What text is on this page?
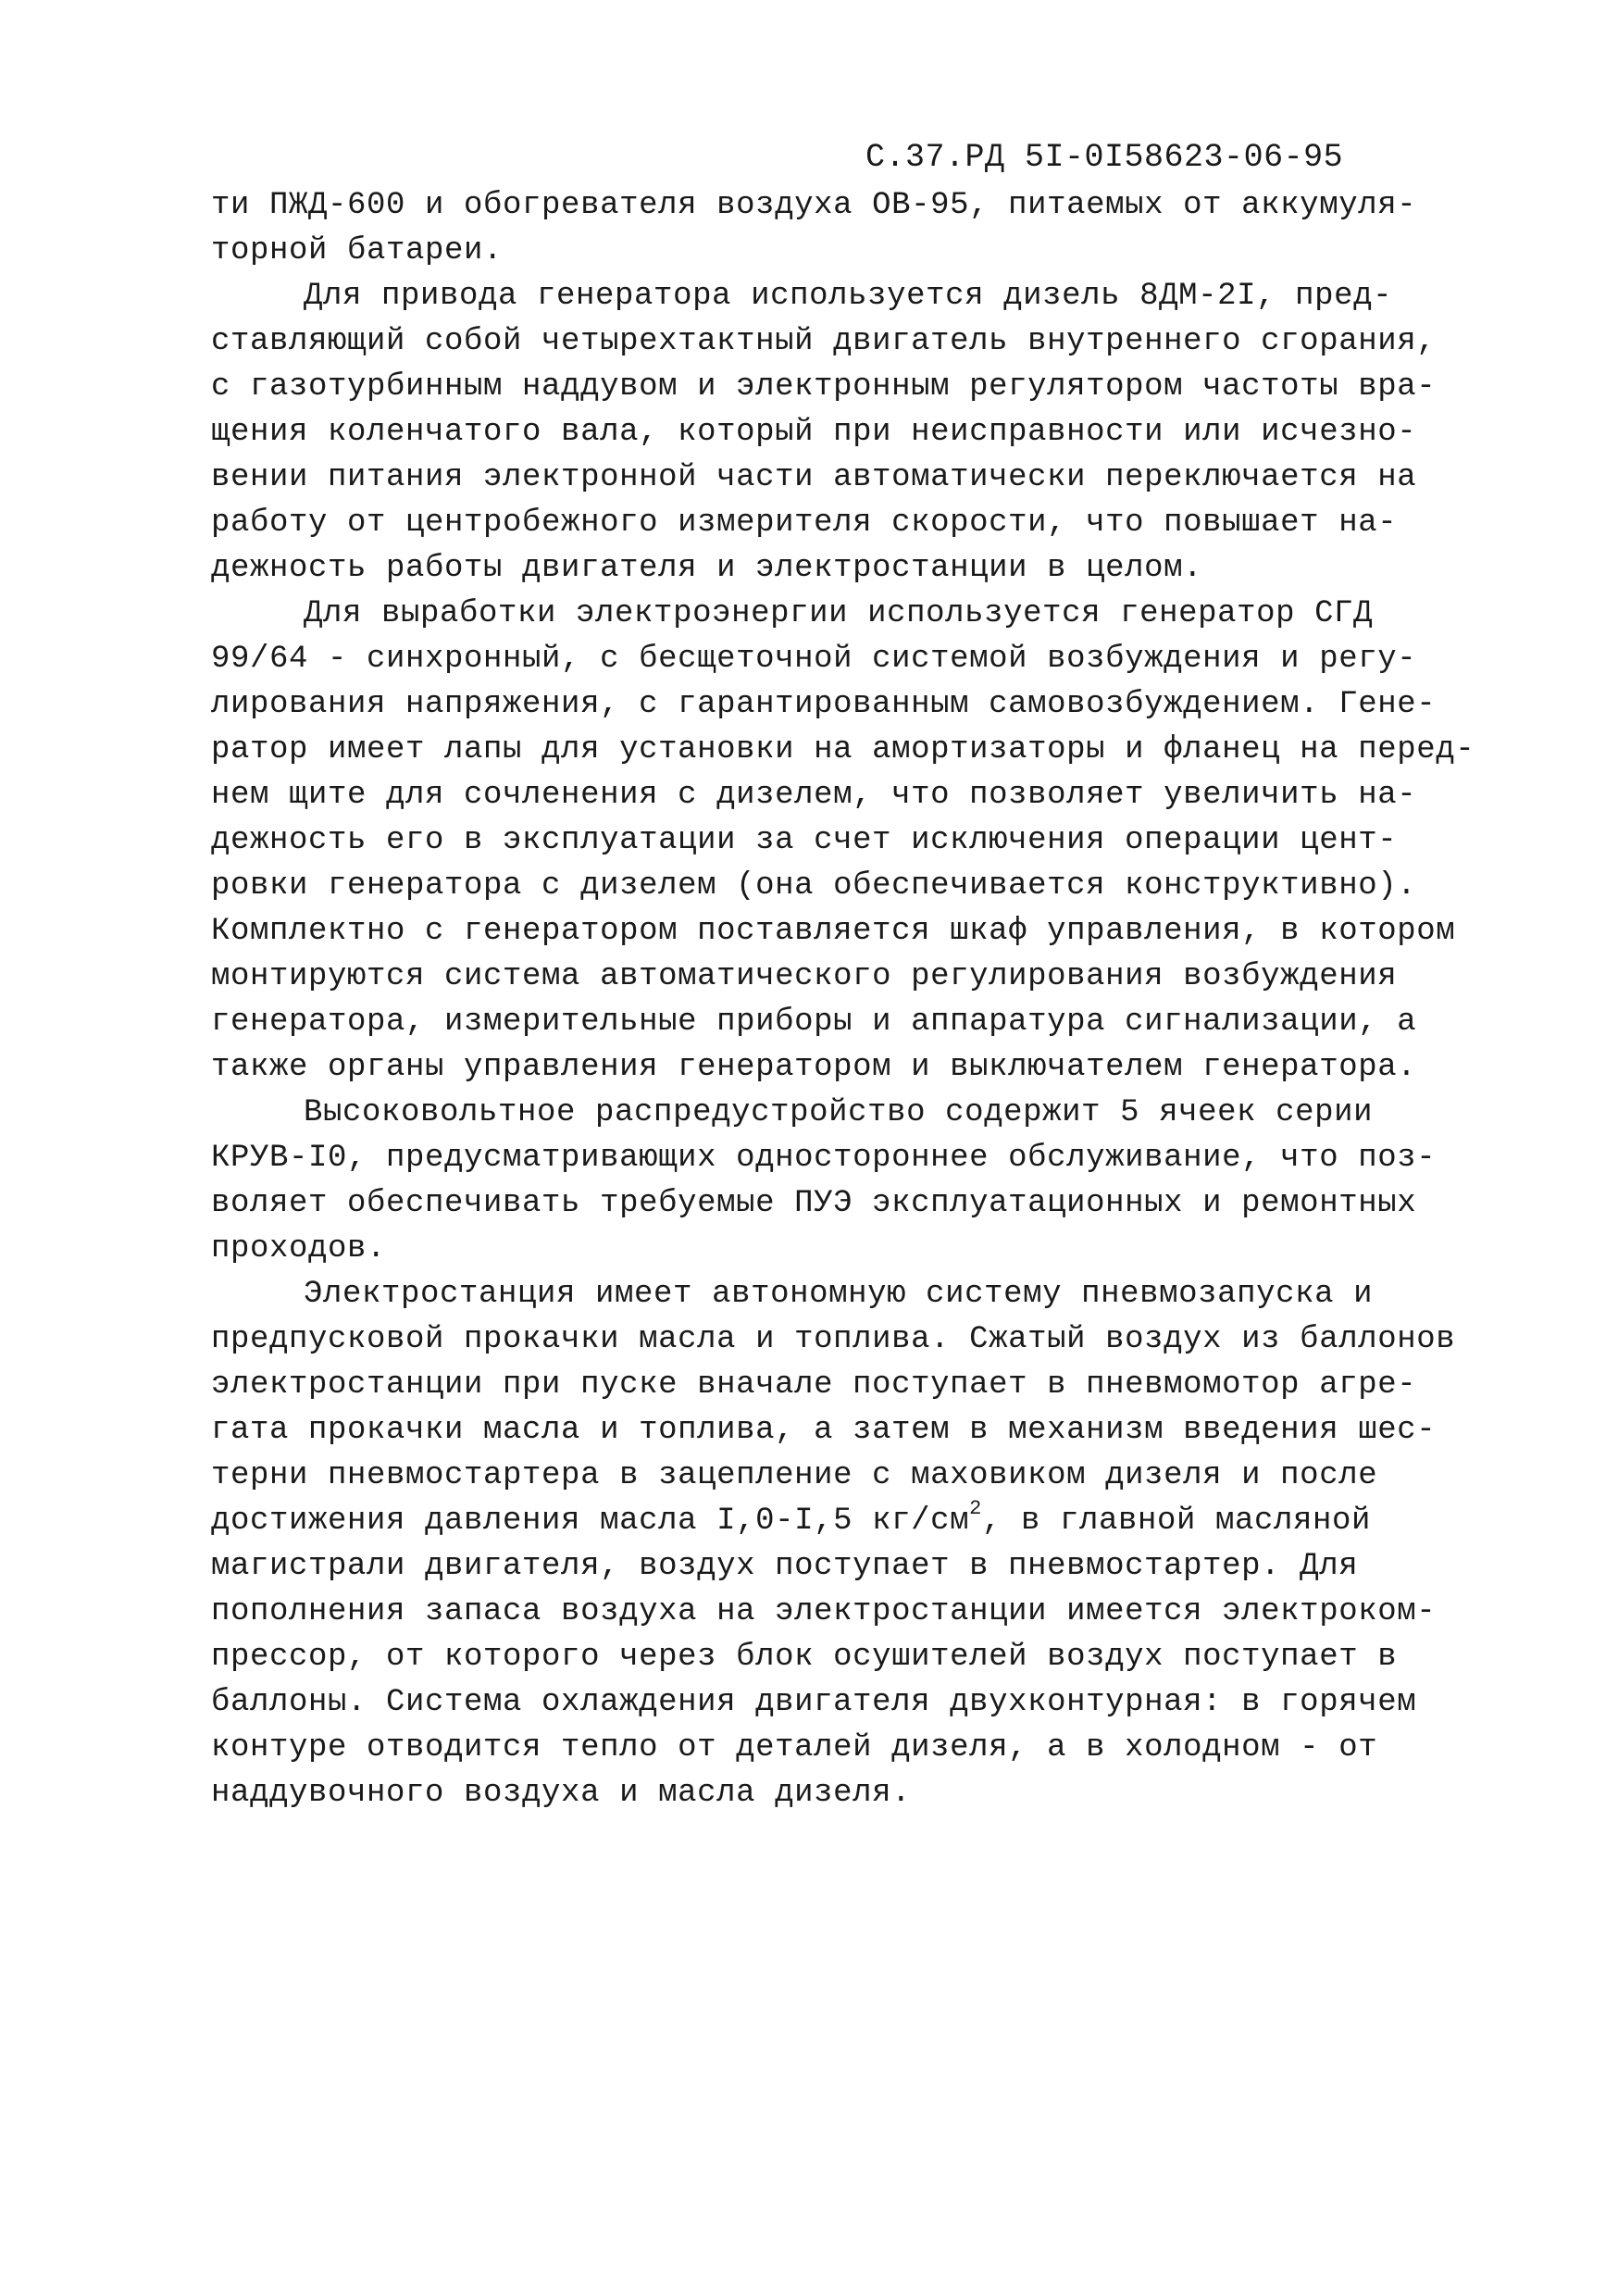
С.37.РД 5I-0I58623-06-95
ти ПЖД-600 и обогревателя воздуха ОВ-95, питаемых от аккумуля-
торной батареи.
Для привода генератора используется дизель 8ДМ-2I, пред-
ставляющий собой четырехтактный двигатель внутреннего сгорания,
с газотурбинным наддувом и электронным регулятором частоты вра-
щения коленчатого вала, который при неисправности или исчезно-
вении питания электронной части автоматически переключается на
работу от центробежного измерителя скорости, что повышает на-
дежность работы двигателя и электростанции в целом.
Для выработки электроэнергии используется генератор СГД
99/64 - синхронный, с бесщеточной системой возбуждения и регу-
лирования напряжения, с гарантированным самовозбуждением. Гене-
ратор имеет лапы для установки на амортизаторы и фланец на перед-
нем щите для сочленения с дизелем, что позволяет увеличить на-
дежность его в эксплуатации за счет исключения операции цент-
ровки генератора с дизелем (она обеспечивается конструктивно).
Комплектно с генератором поставляется шкаф управления, в котором
монтируются система автоматического регулирования возбуждения
генератора, измерительные приборы и аппаратура сигнализации, а
также органы управления генератором и выключателем генератора.
Высоковольтное распредустройство содержит 5 ячеек серии
КРУВ-I0, предусматривающих одностороннее обслуживание, что поз-
воляет обеспечивать требуемые ПУЭ эксплуатационных и ремонтных
проходов.
Электростанция имеет автономную систему пневмозапуска и
предпусковой прокачки масла и топлива. Сжатый воздух из баллонов
электростанции при пуске вначале поступает в пневмомотор агре-
гата прокачки масла и топлива, а затем в механизм введения шес-
терни пневмостартера в зацепление с маховиком дизеля и после
достижения давления масла I,0-I,5 $кг/см^2$, в главной масляной
магистрали двигателя, воздух поступает в пневмостартер. Для
пополнения запаса воздуха на электростанции имеется электроком-
прессор, от которого через блок осушителей воздух поступает в
баллоны. Система охлаждения двигателя двухконтурная: в горячем
контуре отводится тепло от деталей дизеля, а в холодном - от
наддувочного воздуха и масла дизеля.
